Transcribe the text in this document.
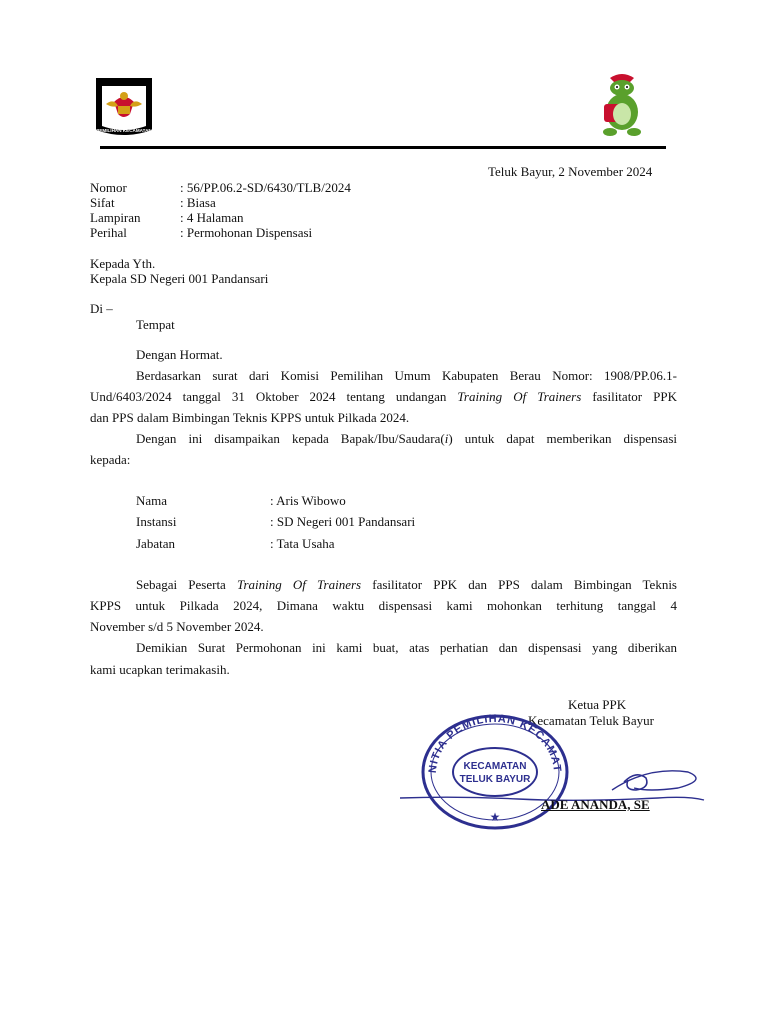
PANITIA
PEMILIHAN KECAMATAN
Teluk Bayur, 2 November 2024
Nomor	: 56/PP.06.2-SD/6430/TLB/2024
Sifat	: Biasa
Lampiran	: 4 Halaman
Perihal	: Permohonan Dispensasi
Kepada Yth.
Kepala SD Negeri 001 Pandansari
Di –
Tempat
Dengan Hormat.
Berdasarkan surat dari Komisi Pemilihan Umum Kabupaten Berau Nomor: 1908/PP.06.1-
Und/6403/2024 tanggal 31 Oktober 2024 tentang undangan Training Of Trainers fasilitator PPK
dan PPS dalam Bimbingan Teknis KPPS untuk Pilkada 2024.
Dengan ini disampaikan kepada Bapak/Ibu/Saudara(i) untuk dapat memberikan dispensasi
kepada:
Nama	: Aris Wibowo
Instansi	: SD Negeri 001 Pandansari
Jabatan	: Tata Usaha
Sebagai Peserta Training Of Trainers fasilitator PPK dan PPS dalam Bimbingan Teknis
KPPS untuk Pilkada 2024, Dimana waktu dispensasi kami mohonkan terhitung tanggal 4
November s/d 5 November 2024.
Demikian Surat Permohonan ini kami buat, atas perhatian dan dispensasi yang diberikan
kami ucapkan terimakasih.
Ketua PPK
Kecamatan Teluk Bayur
NITIA PEMILIHAN KECAMAT
KECAMATAN
TELUK BAYUR
★
ADE ANANDA, SE
